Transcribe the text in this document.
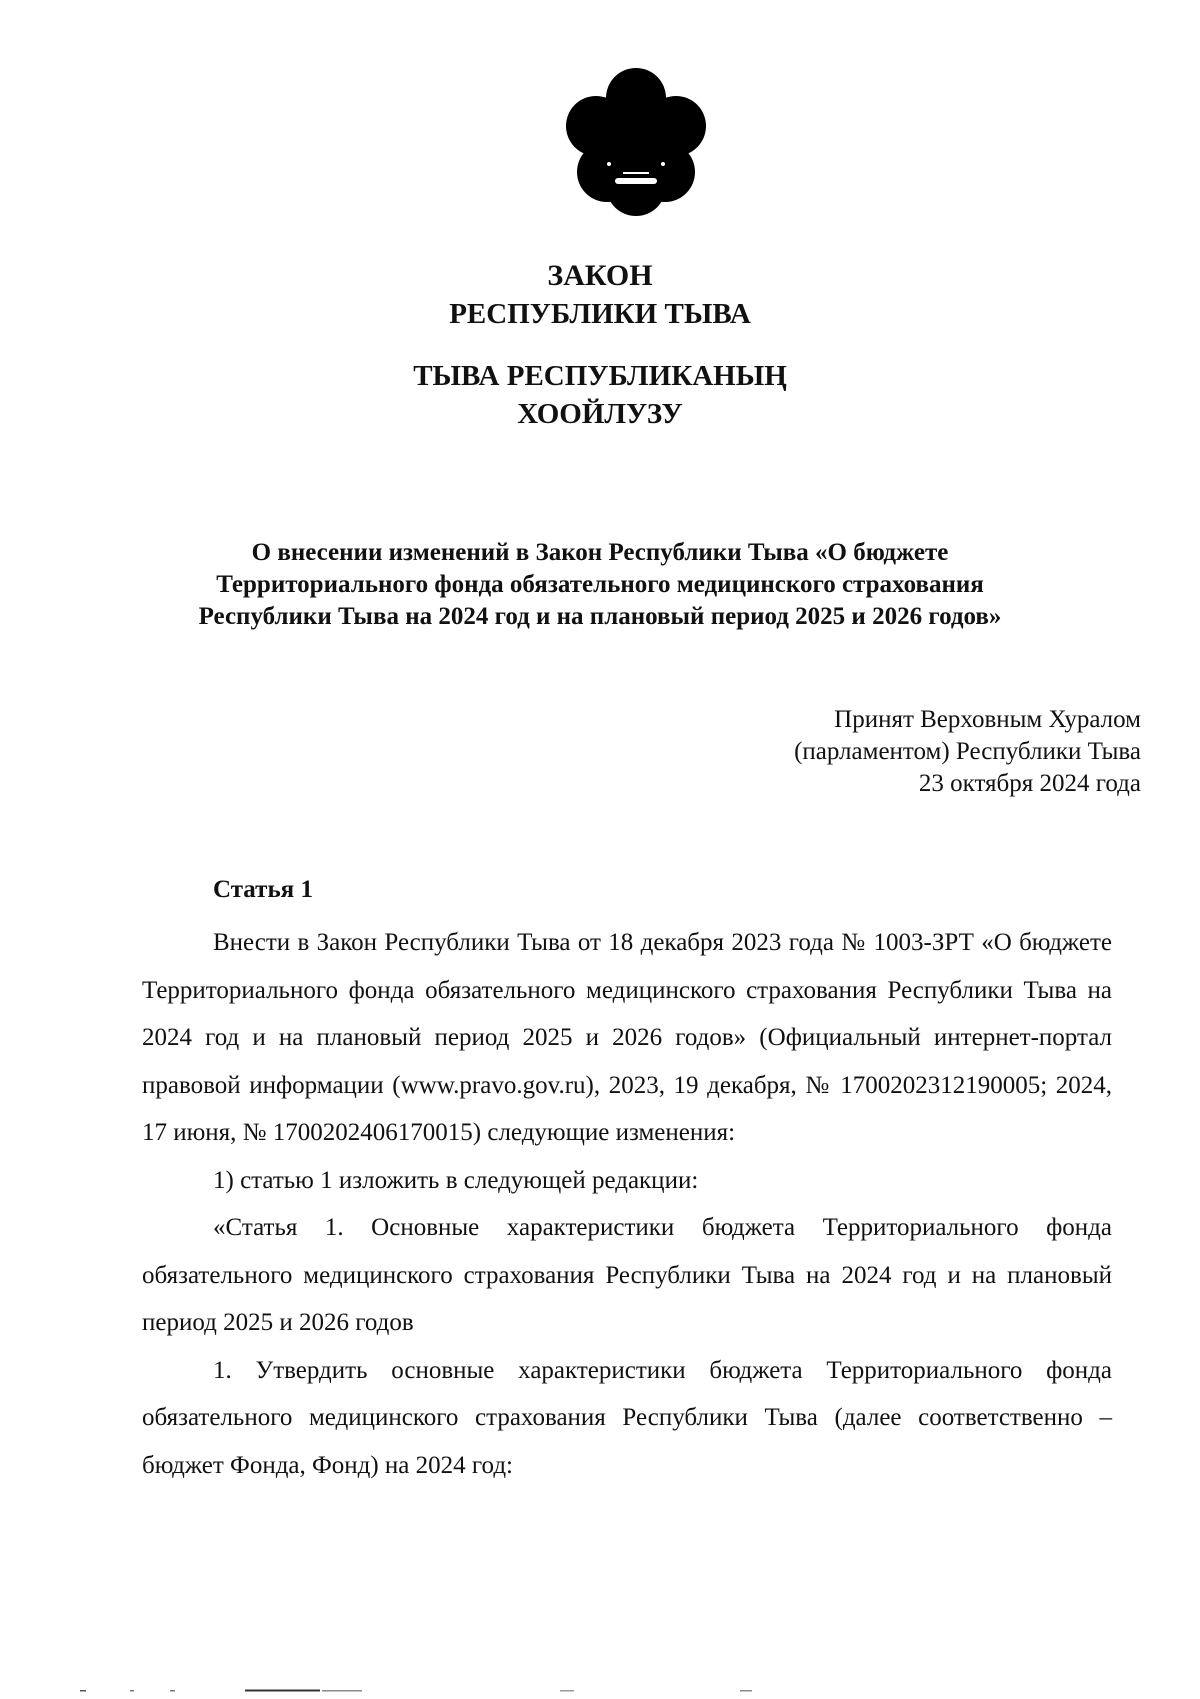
ЗАКОН
РЕСПУБЛИКИ ТЫВА
ТЫВА РЕСПУБЛИКАНЫҢ
ХООЙЛУЗУ
О внесении изменений в Закон Республики Тыва «О бюджете
Территориального фонда обязательного медицинского страхования
Республики Тыва на 2024 год и на плановый период 2025 и 2026 годов»
Принят Верховным Хуралом
(парламентом) Республики Тыва
23 октября 2024 года
Статья 1

Внести в Закон Республики Тыва от 18 декабря 2023 года № 1003-ЗРТ «О бюджете Территориального фонда обязательного медицинского страхования Республики Тыва на 2024 год и на плановый период 2025 и 2026 годов» (Официальный интернет-портал правовой информации (www.pravo.gov.ru), 2023, 19 декабря, № 1700202312190005; 2024, 17 июня, № 1700202406170015) следующие изменения:

1) статью 1 изложить в следующей редакции:

«Статья 1. Основные характеристики бюджета Территориального фонда обязательного медицинского страхования Республики Тыва на 2024 год и на плановый период 2025 и 2026 годов

1. Утвердить основные характеристики бюджета Территориального фонда обязательного медицинского страхования Республики Тыва (далее соответственно – бюджет Фонда, Фонд) на 2024 год:
